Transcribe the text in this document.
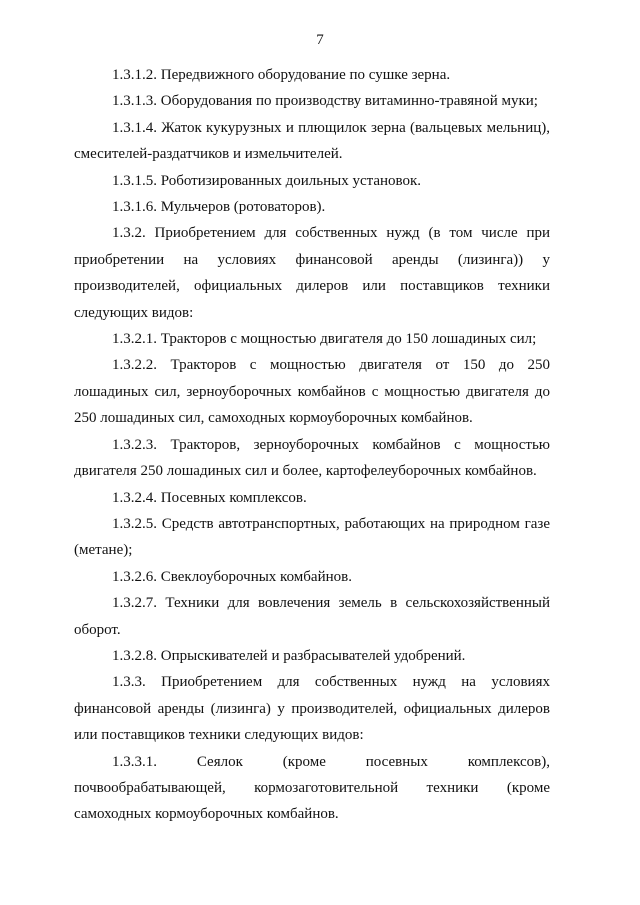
7

1.3.1.2. Передвижного оборудование по сушке зерна.

1.3.1.3. Оборудования по производству витаминно-травяной муки;

1.3.1.4. Жаток кукурузных и плющилок зерна (вальцевых мельниц), смесителей-раздатчиков и измельчителей.

1.3.1.5. Роботизированных доильных установок.

1.3.1.6. Мульчеров (ротоваторов).

1.3.2. Приобретением для собственных нужд (в том числе при приобретении на условиях финансовой аренды (лизинга)) у производителей, официальных дилеров или поставщиков техники следующих видов:

1.3.2.1. Тракторов с мощностью двигателя до 150 лошадиных сил;

1.3.2.2. Тракторов с мощностью двигателя от 150 до 250 лошадиных сил, зерноуборочных комбайнов с мощностью двигателя до 250 лошадиных сил, самоходных кормоуборочных комбайнов.

1.3.2.3. Тракторов, зерноуборочных комбайнов с мощностью двигателя 250 лошадиных сил и более, картофелеуборочных комбайнов.

1.3.2.4. Посевных комплексов.

1.3.2.5. Средств автотранспортных, работающих на природном газе (метане);

1.3.2.6. Свеклоуборочных комбайнов.

1.3.2.7. Техники для вовлечения земель в сельскохозяйственный оборот.

1.3.2.8. Опрыскивателей и разбрасывателей удобрений.

1.3.3. Приобретением для собственных нужд на условиях финансовой аренды (лизинга) у производителей, официальных дилеров или поставщиков техники следующих видов:

1.3.3.1. Сеялок (кроме посевных комплексов), почвообрабатывающей, кормозаготовительной техники (кроме самоходных кормоуборочных комбайнов.
